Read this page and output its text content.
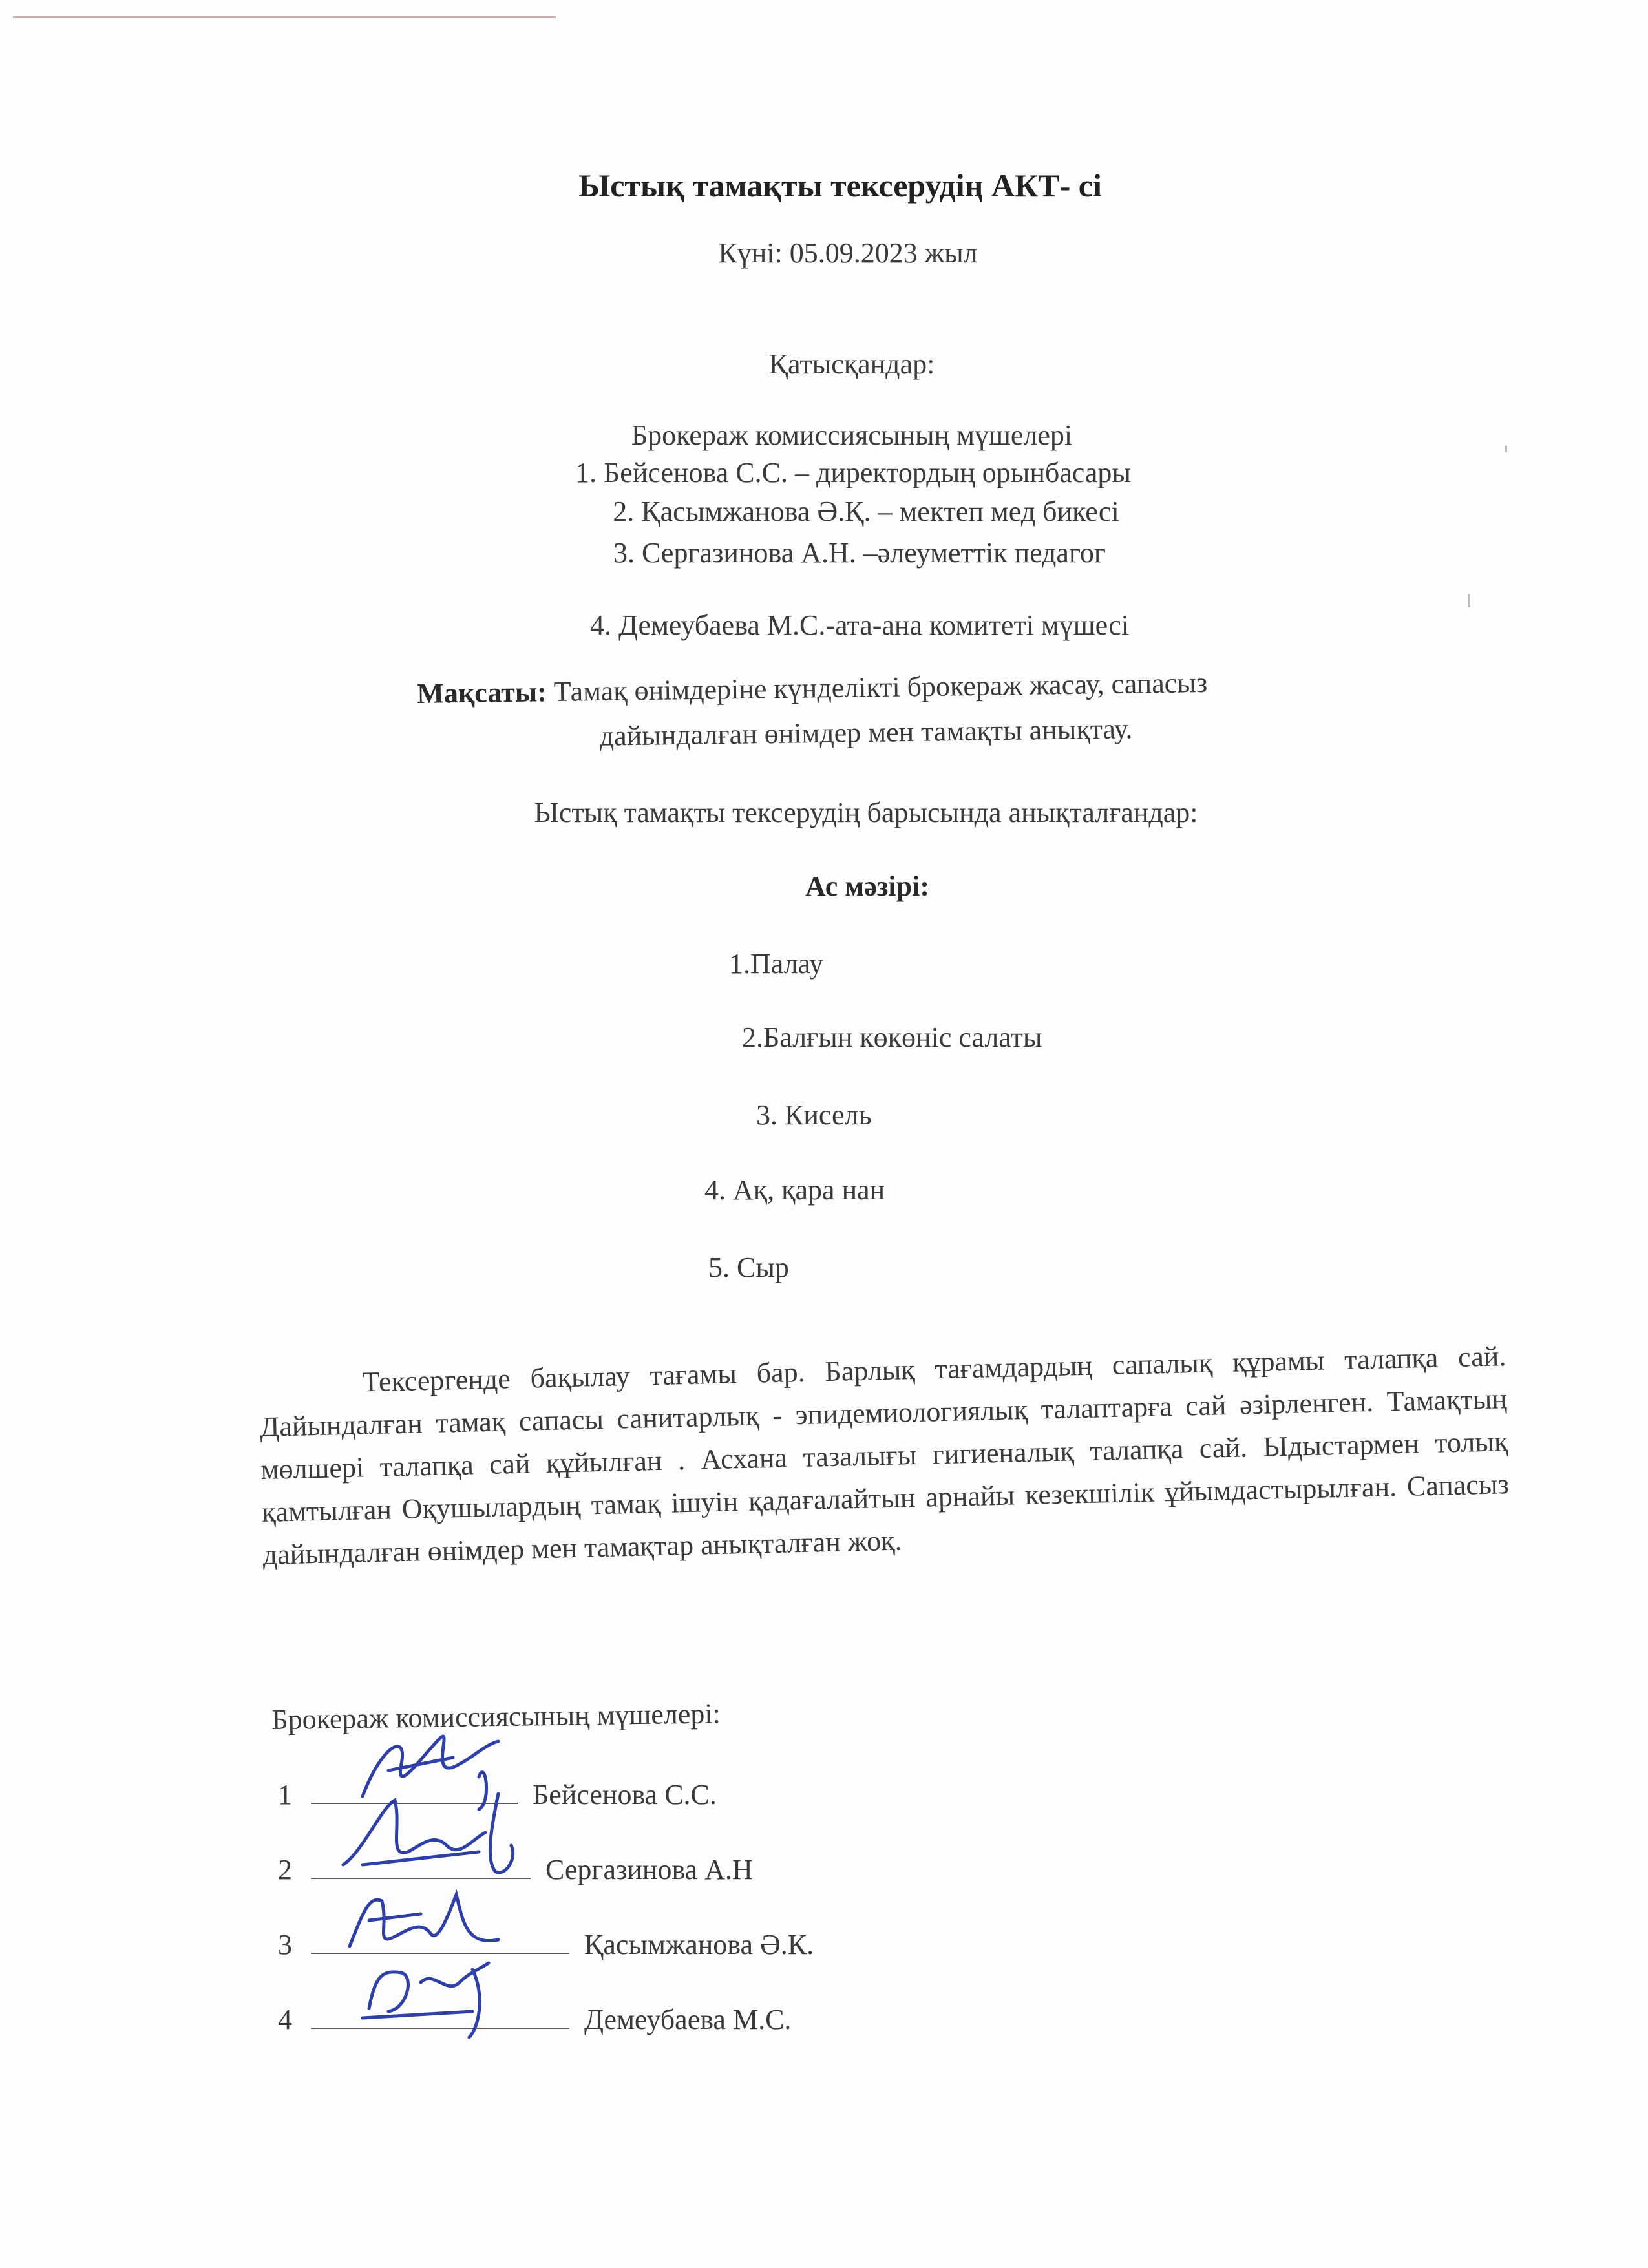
Ыстық тамақты тексерудің АКТ- сі
Күні: 05.09.2023 жыл
Қатысқандар:
Брокераж комиссиясының мүшелері
1. Бейсенова С.С. – директордың орынбасары
2. Қасымжанова Ә.Қ. – мектеп мед бикесі
3. Сергазинова А.Н. –әлеуметтік педагог
4. Демеубаева М.С.-ата-ана комитеті мүшесі
Мақсаты: Тамақ өнімдеріне күнделікті брокераж жасау, сапасыз
дайындалған өнімдер мен тамақты анықтау.
Ыстық тамақты тексерудің барысында анықталғандар:
Ас мәзірі:
1.Палау
2.Балғын көкөніс салаты
3. Кисель
4. Ақ, қара нан
5. Сыр
Тексергенде бақылау тағамы бар. Барлық тағамдардың сапалық құрамы талапқа сай. Дайындалған тамақ сапасы санитарлық - эпидемиологиялық талаптарға сай әзірленген. Тамақтың мөлшері талапқа сай құйылған . Асхана тазалығы гигиеналық талапқа сай. Ыдыстармен толық қамтылған Оқушылардың тамақ ішуін қадағалайтын арнайы кезекшілік ұйымдастырылған. Сапасыз дайындалған өнімдер мен тамақтар анықталған жоқ.
Брокераж комиссиясының мүшелері:
1	Бейсенова С.С.
2	Сергазинова А.Н
3	Қасымжанова Ә.К.
4	Демеубаева М.С.
